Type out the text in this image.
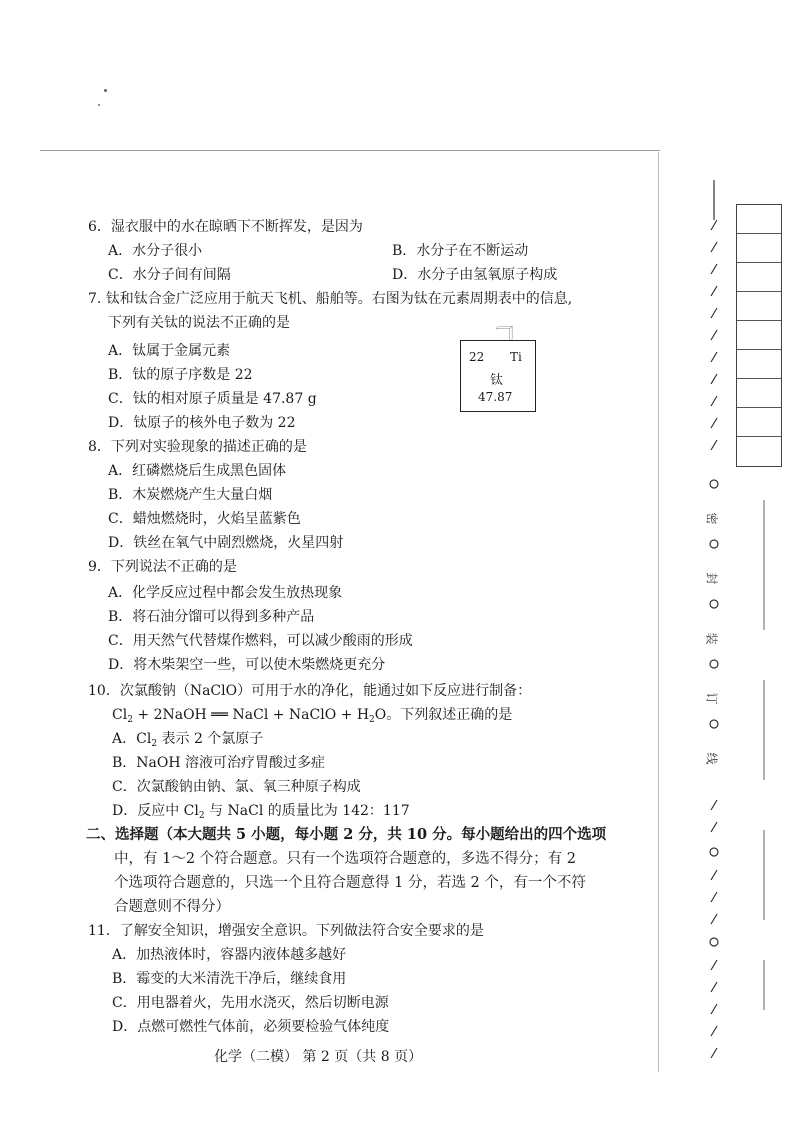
6．湿衣服中的水在晾晒下不断挥发，是因为
A．水分子很小	B．水分子在不断运动
C．水分子间有间隔	D．水分子由氢氧原子构成
7. 钛和钛合金广泛应用于航天飞机、船舶等。右图为钛在元素周期表中的信息,
下列有关钛的说法不正确的是
A．钛属于金属元素
B．钛的原子序数是 22
C．钛的相对原子质量是 47.87 g
D．钛原子的核外电子数为 22
22 Ti
钛
47.87
8．下列对实验现象的描述正确的是
A．红磷燃烧后生成黑色固体
B．木炭燃烧产生大量白烟
C．蜡烛燃烧时，火焰呈蓝紫色
D．铁丝在氧气中剧烈燃烧，火星四射
9．下列说法不正确的是
A．化学反应过程中都会发生放热现象
B．将石油分馏可以得到多种产品
C．用天然气代替煤作燃料，可以减少酸雨的形成
D．将木柴架空一些，可以使木柴燃烧更充分
10．次氯酸钠（NaClO）可用于水的净化，能通过如下反应进行制备：
$Cl_2$ + 2NaOH ══ NaCl + NaClO + $H_2O$。下列叙述正确的是
A．$Cl_2$ 表示 2 个氯原子
B．NaOH 溶液可治疗胃酸过多症
C．次氯酸钠由钠、氯、氧三种原子构成
D．反应中 $Cl_2$ 与 NaCl 的质量比为 142：117
二、选择题（本大题共 5 小题，每小题 2 分，共 10 分。每小题给出的四个选项
中，有 1～2 个符合题意。只有一个选项符合题意的，多选不得分；有 2
个选项符合题意的，只选一个且符合题意得 1 分，若选 2 个，有一个不符
合题意则不得分）
11．了解安全知识，增强安全意识。下列做法符合安全要求的是
A．加热液体时，容器内液体越多越好
B．霉变的大米清洗干净后，继续食用
C．用电器着火，先用水浇灭，然后切断电源
D．点燃可燃性气体前，必须要检验气体纯度
化学（二模） 第 2 页（共 8 页）
密
封
装
订
线
